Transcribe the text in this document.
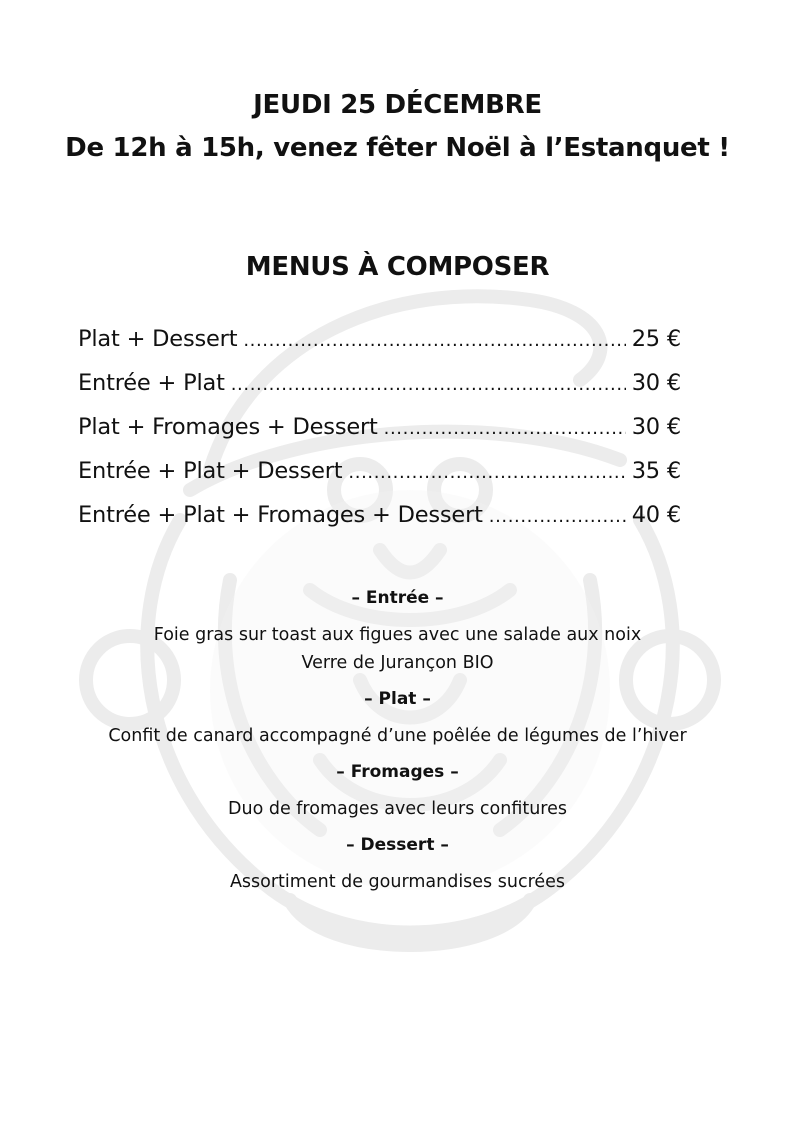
JEUDI 25 DÉCEMBRE
De 12h à 15h, venez fêter Noël à l’Estanquet !
MENUS À COMPOSER
Plat + Dessert .....	25 €
Entrée + Plat .....	30 €
Plat + Fromages + Dessert .....	30 €
Entrée + Plat + Dessert .....	35 €
Entrée + Plat + Fromages + Dessert .....	40 €

– Entrée –

Foie gras sur toast aux figues avec une salade aux noix

Verre de Jurançon BIO

– Plat –

Confit de canard accompagné d’une poêlée de légumes de l’hiver

– Fromages –

Duo de fromages avec leurs confitures

– Dessert –

Assortiment de gourmandises sucrées
